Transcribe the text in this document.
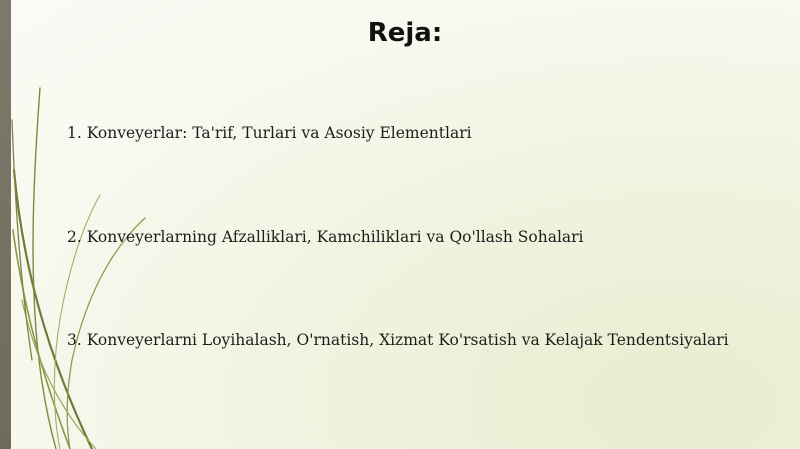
Reja:
1. Konveyerlar: Ta'rif, Turlari va Asosiy Elementlari
2. Konveyerlarning Afzalliklari, Kamchiliklari va Qo'llash Sohalari
3. Konveyerlarni Loyihalash, O'rnatish, Xizmat Ko'rsatish va Kelajak Tendentsiyalari
